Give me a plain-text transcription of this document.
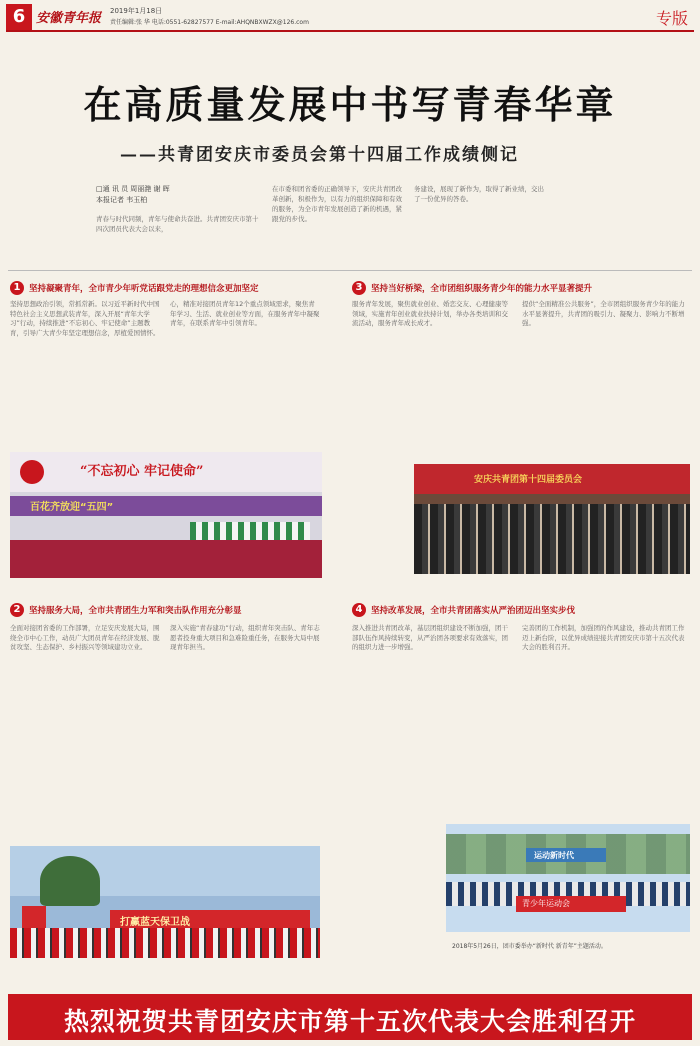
6 安徽青年报 2019年1月18日
责任编辑:张 华 电话:0551-62827577 E-mail:AHQNBXWZX@126.com	专版
在高质量发展中书写青春华章
——共青团安庆市委员会第十四届工作成绩侧记
□通 讯 员 周丽滟 谢 晖
本报记者 韦玉柏
青春与时代同频，青年与使命共奋进。共青团安庆市第十四次团员代表大会以来，
在市委和团省委的正确领导下，安庆共青团改革创新，积极作为，以有力的组织保障和有效的服务，为全市青年发展创造了新的机遇，紧跟党的步伐。
务建设，展现了新作为，取得了新业绩，交出了一份优异的答卷。
1	坚持凝聚青年，全市青少年听党话跟党走的理想信念更加坚定
坚持思想政治引领，常抓常新。以习近平新时代中国特色社会主义思想武装青年，深入开展“青年大学习”行动，持续推进“不忘初心、牢记使命”主题教育，引导广大青少年坚定理想信念，厚植爱国情怀。
心，精准对接团员青年12个重点领域需求，聚焦青年学习、生活、就业创业等方面，在服务青年中凝聚青年，在联系青年中引领青年。
“不忘初心 牢记使命”
百花齐放迎“五四”
3	坚持当好桥梁，全市团组织服务青少年的能力水平显著提升
服务青年发展，聚焦就业创业、婚恋交友、心理健康等领域，实施青年创业就业扶持计划，举办各类培训和交流活动，服务青年成长成才。
提供“全面精准公共服务”，全市团组织服务青少年的能力水平显著提升，共青团的吸引力、凝聚力、影响力不断增强。
安庆共青团第十四届委员会
2	坚持服务大局，全市共青团生力军和突击队作用充分彰显
全面对接团省委的工作部署，立足安庆发展大局，围绕全市中心工作，动员广大团员青年在经济发展、脱贫攻坚、生态保护、乡村振兴等领域建功立业。
深入实施“青春建功”行动，组织青年突击队、青年志愿者投身重大项目和急难险重任务，在服务大局中展现青年担当。
打赢蓝天保卫战
4	坚持改革发展，全市共青团落实从严治团迈出坚实步伐
深入推进共青团改革，基层团组织建设不断加强，团干部队伍作风持续转变，从严治团各项要求有效落实，团的组织力进一步增强。
完善团的工作机制，加强团的作风建设，推动共青团工作迈上新台阶，以优异成绩迎接共青团安庆市第十五次代表大会的胜利召开。
运动新时代
青少年运动会
2018年5月26日，团市委举办“新时代 新青年”主题活动。
热烈祝贺共青团安庆市第十五次代表大会胜利召开
